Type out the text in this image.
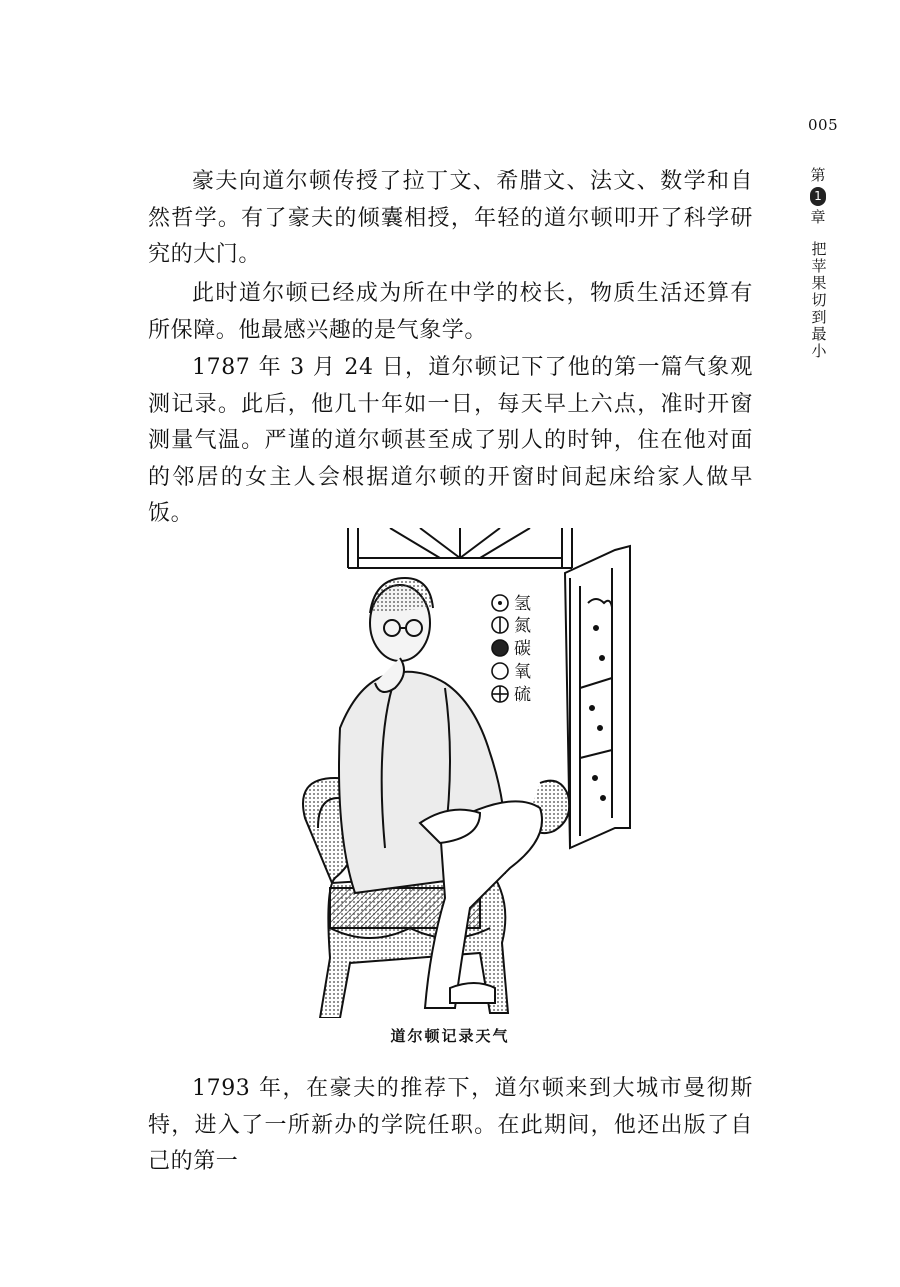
005
第
1
章
把苹果切到最小

豪夫向道尔顿传授了拉丁文、希腊文、法文、数学和自然哲学。有了豪夫的倾囊相授，年轻的道尔顿叩开了科学研究的大门。

此时道尔顿已经成为所在中学的校长，物质生活还算有所保障。他最感兴趣的是气象学。

1787 年 3 月 24 日，道尔顿记下了他的第一篇气象观测记录。此后，他几十年如一日，每天早上六点，准时开窗测量气温。严谨的道尔顿甚至成了别人的时钟，住在他对面的邻居的女主人会根据道尔顿的开窗时间起床给家人做早饭。

氢
氮
碳
氧
硫
道尔顿记录天气

1793 年，在豪夫的推荐下，道尔顿来到大城市曼彻斯特，进入了一所新办的学院任职。在此期间，他还出版了自己的第一
